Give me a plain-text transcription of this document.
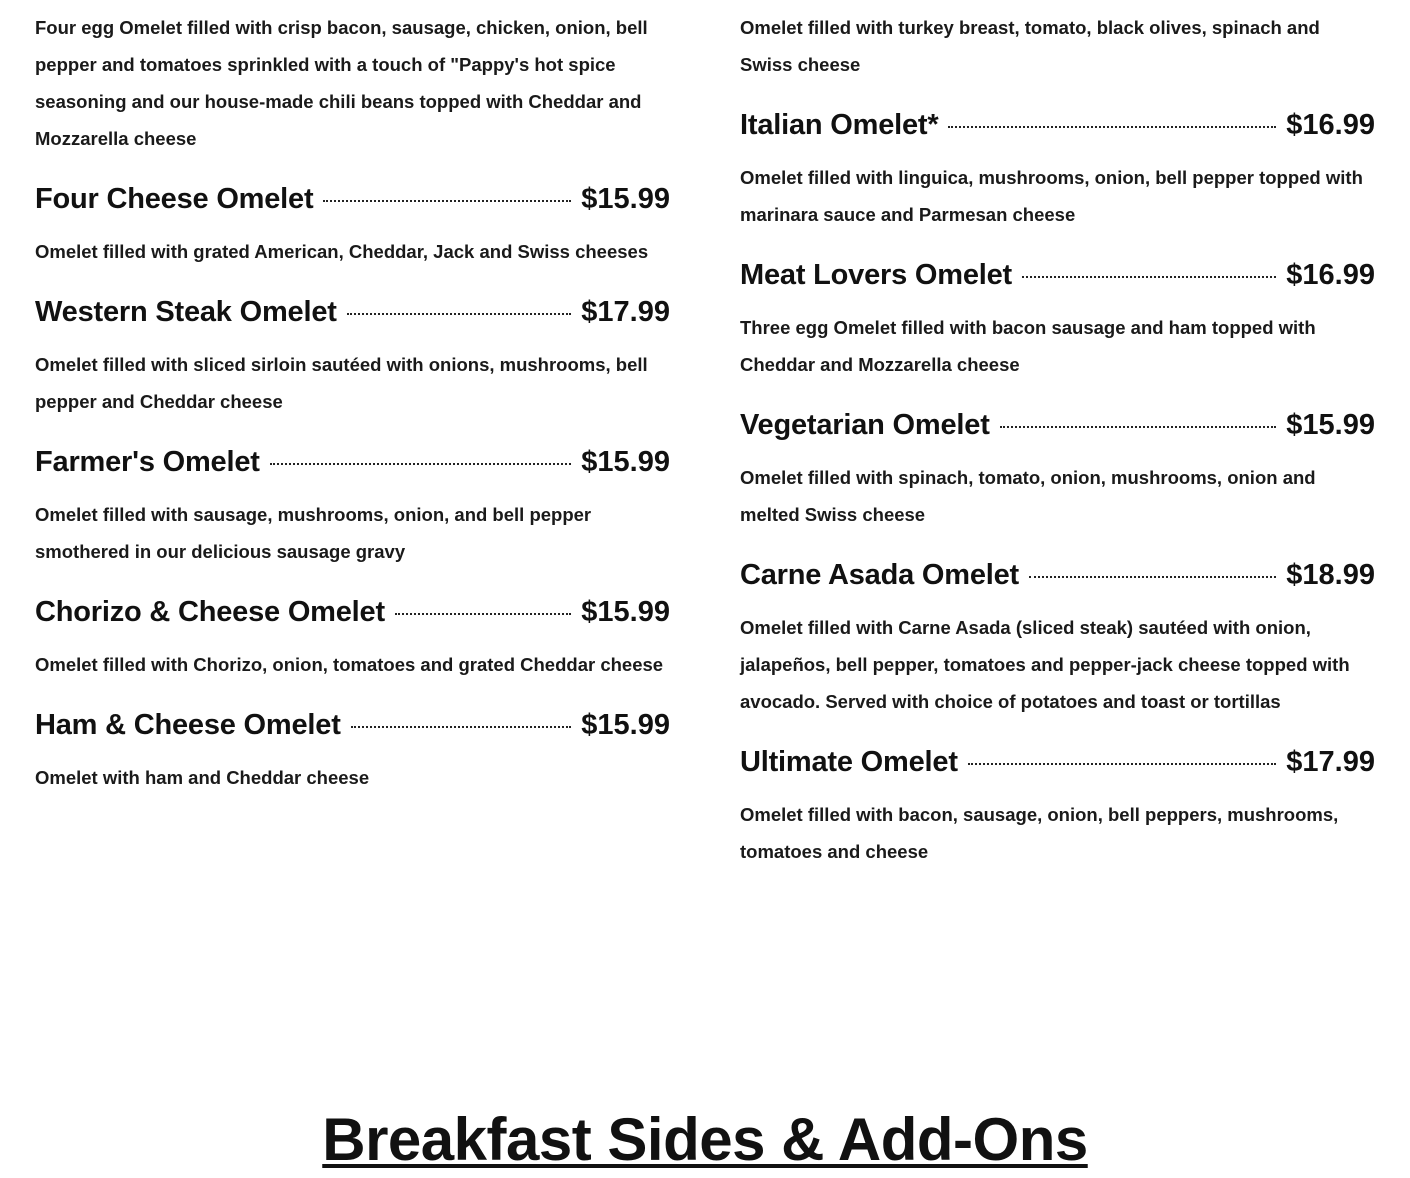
Four egg Omelet filled with crisp bacon, sausage, chicken, onion, bell pepper and tomatoes sprinkled with a touch of "Pappy's hot spice seasoning and our house-made chili beans topped with Cheddar and Mozzarella cheese

Four Cheese Omelet	$15.99

Omelet filled with grated American, Cheddar, Jack and Swiss cheeses

Western Steak Omelet	$17.99

Omelet filled with sliced sirloin sautéed with onions, mushrooms, bell pepper and Cheddar cheese

Farmer's Omelet	$15.99

Omelet filled with sausage, mushrooms, onion, and bell pepper smothered in our delicious sausage gravy

Chorizo & Cheese Omelet	$15.99

Omelet filled with Chorizo, onion, tomatoes and grated Cheddar cheese

Ham & Cheese Omelet	$15.99

Omelet with ham and Cheddar cheese

Omelet filled with turkey breast, tomato, black olives, spinach and Swiss cheese

Italian Omelet*	$16.99

Omelet filled with linguica, mushrooms, onion, bell pepper topped with marinara sauce and Parmesan cheese

Meat Lovers Omelet	$16.99

Three egg Omelet filled with bacon sausage and ham topped with Cheddar and Mozzarella cheese

Vegetarian Omelet	$15.99

Omelet filled with spinach, tomato, onion, mushrooms, onion and melted Swiss cheese

Carne Asada Omelet	$18.99

Omelet filled with Carne Asada (sliced steak) sautéed with onion, jalapeños, bell pepper, tomatoes and pepper-jack cheese topped with avocado. Served with choice of potatoes and toast or tortillas

Ultimate Omelet	$17.99

Omelet filled with bacon, sausage, onion, bell peppers, mushrooms, tomatoes and cheese

Breakfast Sides & Add-Ons
